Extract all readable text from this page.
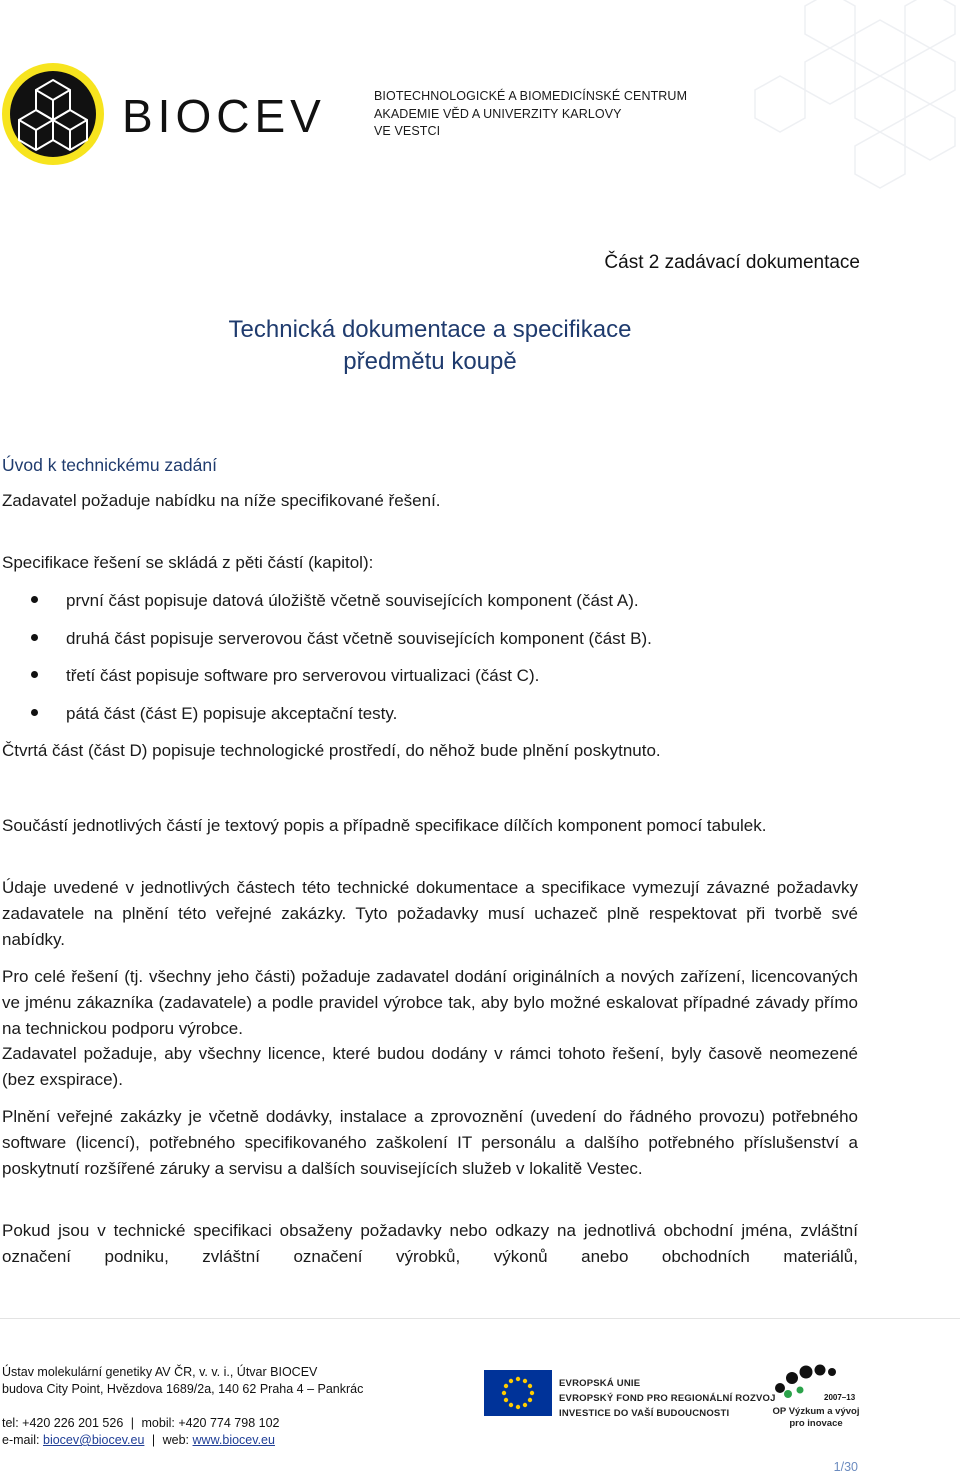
BIOCEV	BIOTECHNOLOGICKÉ A BIOMEDICÍNSKÉ CENTRUM
AKADEMIE VĚD A UNIVERZITY KARLOVY
VE VESTCI
Část 2 zadávací dokumentace
Technická dokumentace a specifikace
předmětu koupě
Úvod k technickému zadání
Zadavatel požaduje nabídku na níže specifikované řešení.
Specifikace řešení se skládá z pěti částí (kapitol):
první část popisuje datová úložiště včetně souvisejících komponent (část A).
druhá část popisuje serverovou část včetně souvisejících komponent (část B).
třetí část popisuje software pro serverovou virtualizaci (část C).
pátá část (část E) popisuje akceptační testy.
Čtvrtá část (část D) popisuje technologické prostředí, do něhož bude plnění poskytnuto.
Součástí jednotlivých částí je textový popis a případně specifikace dílčích komponent pomocí tabulek.
Údaje uvedené v jednotlivých částech této technické dokumentace a specifikace vymezují závazné požadavky zadavatele na plnění této veřejné zakázky. Tyto požadavky musí uchazeč plně respektovat při tvorbě své nabídky.
Pro celé řešení (tj. všechny jeho části) požaduje zadavatel dodání originálních a nových zařízení, licencovaných ve jménu zákazníka (zadavatele) a podle pravidel výrobce tak, aby bylo možné eskalovat případné závady přímo na technickou podporu výrobce.
Zadavatel požaduje, aby všechny licence, které budou dodány v rámci tohoto řešení, byly časově neomezené (bez exspirace).
Plnění veřejné zakázky je včetně dodávky, instalace a zprovoznění (uvedení do řádného provozu) potřebného software (licencí), potřebného specifikovaného zaškolení IT personálu a dalšího potřebného příslušenství a poskytnutí rozšířené záruky a servisu a dalších souvisejících služeb v lokalitě Vestec.
Pokud jsou v technické specifikaci obsaženy požadavky nebo odkazy na jednotlivá obchodní jména, zvláštní označení podniku, zvláštní označení výrobků, výkonů anebo obchodních materiálů,
Ústav molekulární genetiky AV ČR, v. v. i., Útvar BIOCEV
budova City Point, Hvězdova 1689/2a, 140 62 Praha 4 – Pankrác
tel: +420 226 201 526 | mobil: +420 774 798 102
e-mail: biocev@biocev.eu | web: www.biocev.eu
EVROPSKÁ UNIE
EVROPSKÝ FOND PRO REGIONÁLNÍ ROZVOJ
INVESTICE DO VAŠÍ BUDOUCNOSTI
2007–13
OP Výzkum a vývoj
pro inovace
1/30
